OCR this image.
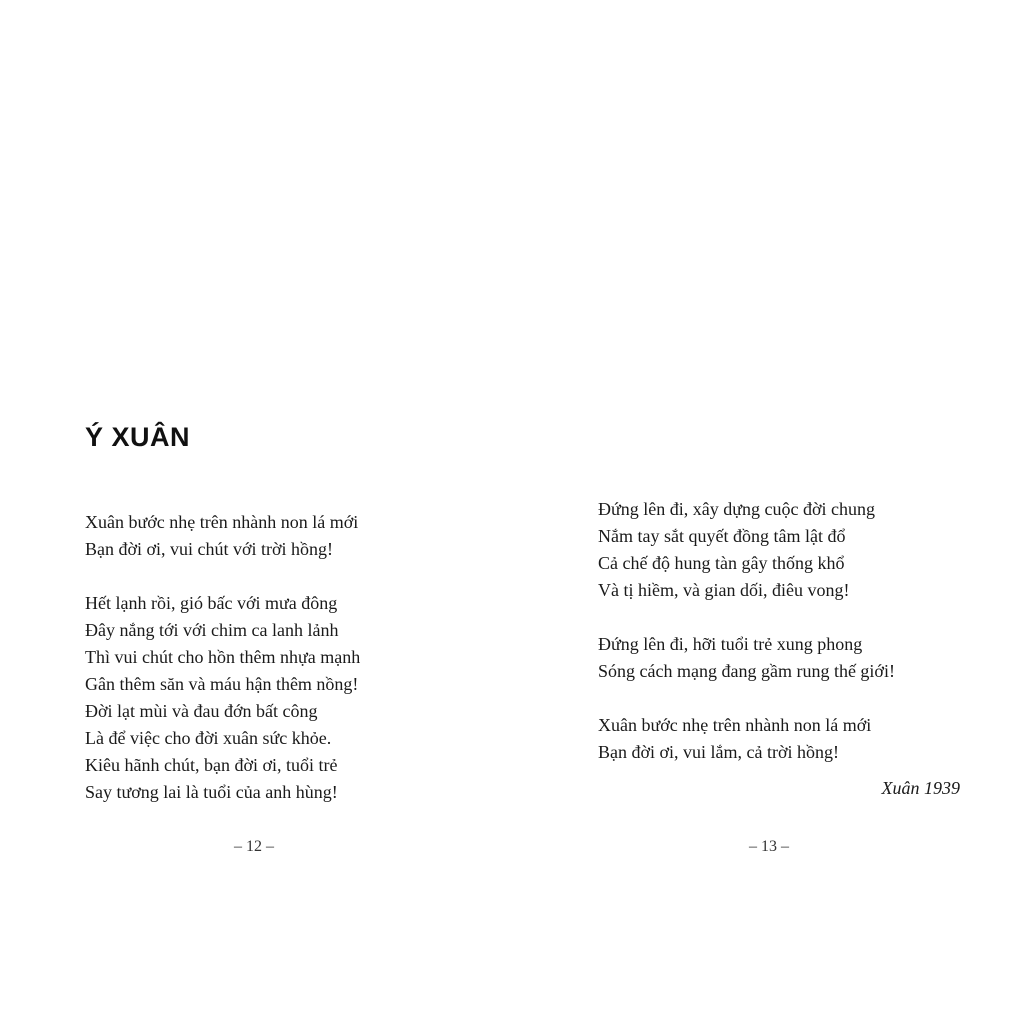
Ý XUÂN

Xuân bước nhẹ trên nhành non lá mới
Bạn đời ơi, vui chút với trời hồng!

Hết lạnh rồi, gió bấc với mưa đông
Đây nắng tới với chim ca lanh lảnh
Thì vui chút cho hồn thêm nhựa mạnh
Gân thêm săn và máu hận thêm nồng!
Đời lạt mùi và đau đớn bất công
Là để việc cho đời xuân sức khỏe.
Kiêu hãnh chút, bạn đời ơi, tuổi trẻ
Say tương lai là tuổi của anh hùng!

– 12 –

Đứng lên đi, xây dựng cuộc đời chung
Nắm tay sắt quyết đồng tâm lật đổ
Cả chế độ hung tàn gây thống khổ
Và tị hiềm, và gian dối, điêu vong!

Đứng lên đi, hỡi tuổi trẻ xung phong
Sóng cách mạng đang gầm rung thế giới!

Xuân bước nhẹ trên nhành non lá mới
Bạn đời ơi, vui lắm, cả trời hồng!

Xuân 1939
– 13 –
